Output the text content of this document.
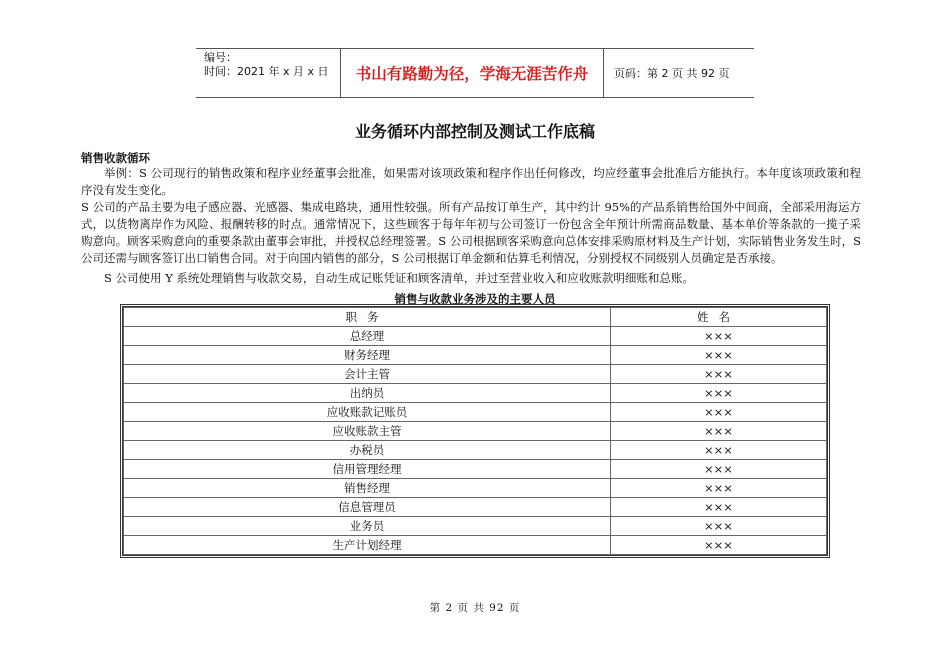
编号：
时间：2021 年 x 月 x 日	书山有路勤为径，学海无涯苦作舟	页码：第 2 页 共 92 页
业务循环内部控制及测试工作底稿
销售收款循环
举例：S 公司现行的销售政策和程序业经董事会批准，如果需对该项政策和程序作出任何修改，均应经董事会批准后方能执行。本年度该项政策和程序没有发生变化。
S 公司的产品主要为电子感应器、光感器、集成电路块，通用性较强。所有产品按订单生产，其中约计 95%的产品系销售给国外中间商，全部采用海运方式，以货物离岸作为风险、报酬转移的时点。通常情况下，这些顾客于每年年初与公司签订一份包含全年预计所需商品数量、基本单价等条款的一揽子采购意向。顾客采购意向的重要条款由董事会审批，并授权总经理签署。S 公司根据顾客采购意向总体安排采购原材料及生产计划，实际销售业务发生时，S 公司还需与顾客签订出口销售合同。对于向国内销售的部分，S 公司根据订单金额和估算毛利情况，分别授权不同级别人员确定是否承接。
S 公司使用 Y 系统处理销售与收款交易，自动生成记账凭证和顾客清单，并过至营业收入和应收账款明细账和总账。
销售与收款业务涉及的主要人员
职务	姓名
总经理	×××
财务经理	×××
会计主管	×××
出纳员	×××
应收账款记账员	×××
应收账款主管	×××
办税员	×××
信用管理经理	×××
销售经理	×××
信息管理员	×××
业务员	×××
生产计划经理	×××
第 2 页 共 92 页
